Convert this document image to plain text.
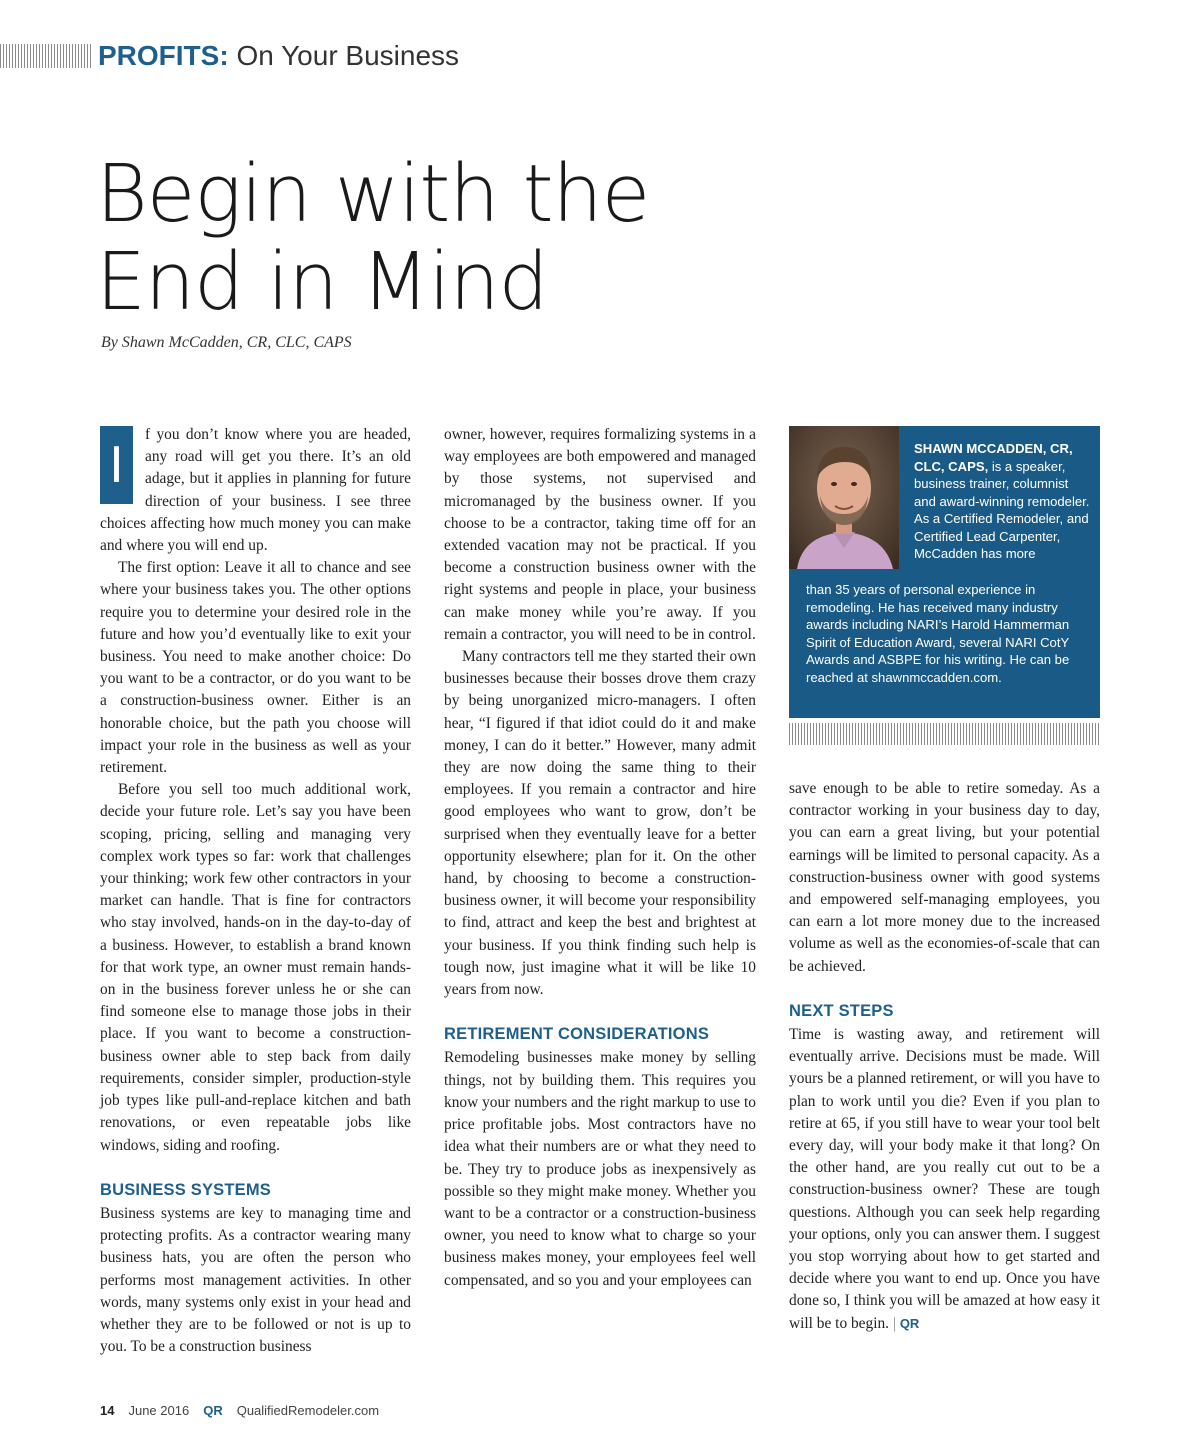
PROFITS: On Your Business
Begin with the
End in Mind
By Shawn McCadden, CR, CLC, CAPS
I

f you don’t know where you are headed, any road will get you there. It’s an old adage, but it applies in planning for future direction of your business. I see three choices affecting how much money you can make and where you will end up.

The first option: Leave it all to chance and see where your business takes you. The other options require you to determine your desired role in the future and how you’d eventually like to exit your business. You need to make another choice: Do you want to be a contractor, or do you want to be a construction-business owner. Either is an honorable choice, but the path you choose will impact your role in the business as well as your retirement.

Before you sell too much additional work, decide your future role. Let’s say you have been scoping, pricing, selling and managing very complex work types so far: work that challenges your thinking; work few other contractors in your market can handle. That is fine for contractors who stay involved, hands-on in the day-to-day of a business. However, to establish a brand known for that work type, an owner must remain hands-on in the business forever unless he or she can find someone else to manage those jobs in their place. If you want to become a construction-business owner able to step back from daily requirements, consider simpler, production-style job types like pull-and-replace kitchen and bath renovations, or even repeatable jobs like windows, siding and roofing.

BUSINESS SYSTEMS

Business systems are key to managing time and protecting profits. As a contractor wearing many business hats, you are often the person who performs most management activities. In other words, many systems only exist in your head and whether they are to be followed or not is up to you. To be a construction business

owner, however, requires formalizing systems in a way employees are both empowered and managed by those systems, not supervised and micromanaged by the business owner. If you choose to be a contractor, taking time off for an extended vacation may not be practical. If you become a construction business owner with the right systems and people in place, your business can make money while you’re away. If you remain a contractor, you will need to be in control.

Many contractors tell me they started their own businesses because their bosses drove them crazy by being unorganized micro-managers. I often hear, “I figured if that idiot could do it and make money, I can do it better.” However, many admit they are now doing the same thing to their employees. If you remain a contractor and hire good employees who want to grow, don’t be surprised when they eventually leave for a better opportunity elsewhere; plan for it. On the other hand, by choosing to become a construction-business owner, it will become your responsibility to find, attract and keep the best and brightest at your business. If you think finding such help is tough now, just imagine what it will be like 10 years from now.

RETIREMENT CONSIDERATIONS

Remodeling businesses make money by selling things, not by building them. This requires you know your numbers and the right markup to use to price profitable jobs. Most contractors have no idea what their numbers are or what they need to be. They try to produce jobs as inexpensively as possible so they might make money. Whether you want to be a contractor or a construction-business owner, you need to know what to charge so your business makes money, your employees feel well compensated, and so you and your employees can

SHAWN MCCADDEN, CR, CLC, CAPS, is a speaker, business trainer, columnist and award-winning remodeler. As a Certified Remodeler, and Certified Lead Carpenter, McCadden has more
than 35 years of personal experience in remodeling. He has received many industry awards including NARI’s Harold Hammerman Spirit of Education Award, several NARI CotY Awards and ASBPE for his writing. He can be reached at shawnmccadden.com.

save enough to be able to retire someday. As a contractor working in your business day to day, you can earn a great living, but your potential earnings will be limited to personal capacity. As a construction-business owner with good systems and empowered self-managing employees, you can earn a lot more money due to the increased volume as well as the economies-of-scale that can be achieved.

NEXT STEPS

Time is wasting away, and retirement will eventually arrive. Decisions must be made. Will yours be a planned retirement, or will you have to plan to work until you die? Even if you plan to retire at 65, if you still have to wear your tool belt every day, will your body make it that long? On the other hand, are you really cut out to be a construction-business owner? These are tough questions. Although you can seek help regarding your options, only you can answer them. I suggest you stop worrying about how to get started and decide where you want to end up. Once you have done so, I think you will be amazed at how easy it will be to begin. | QR

14 June 2016 QR QualifiedRemodeler.com
